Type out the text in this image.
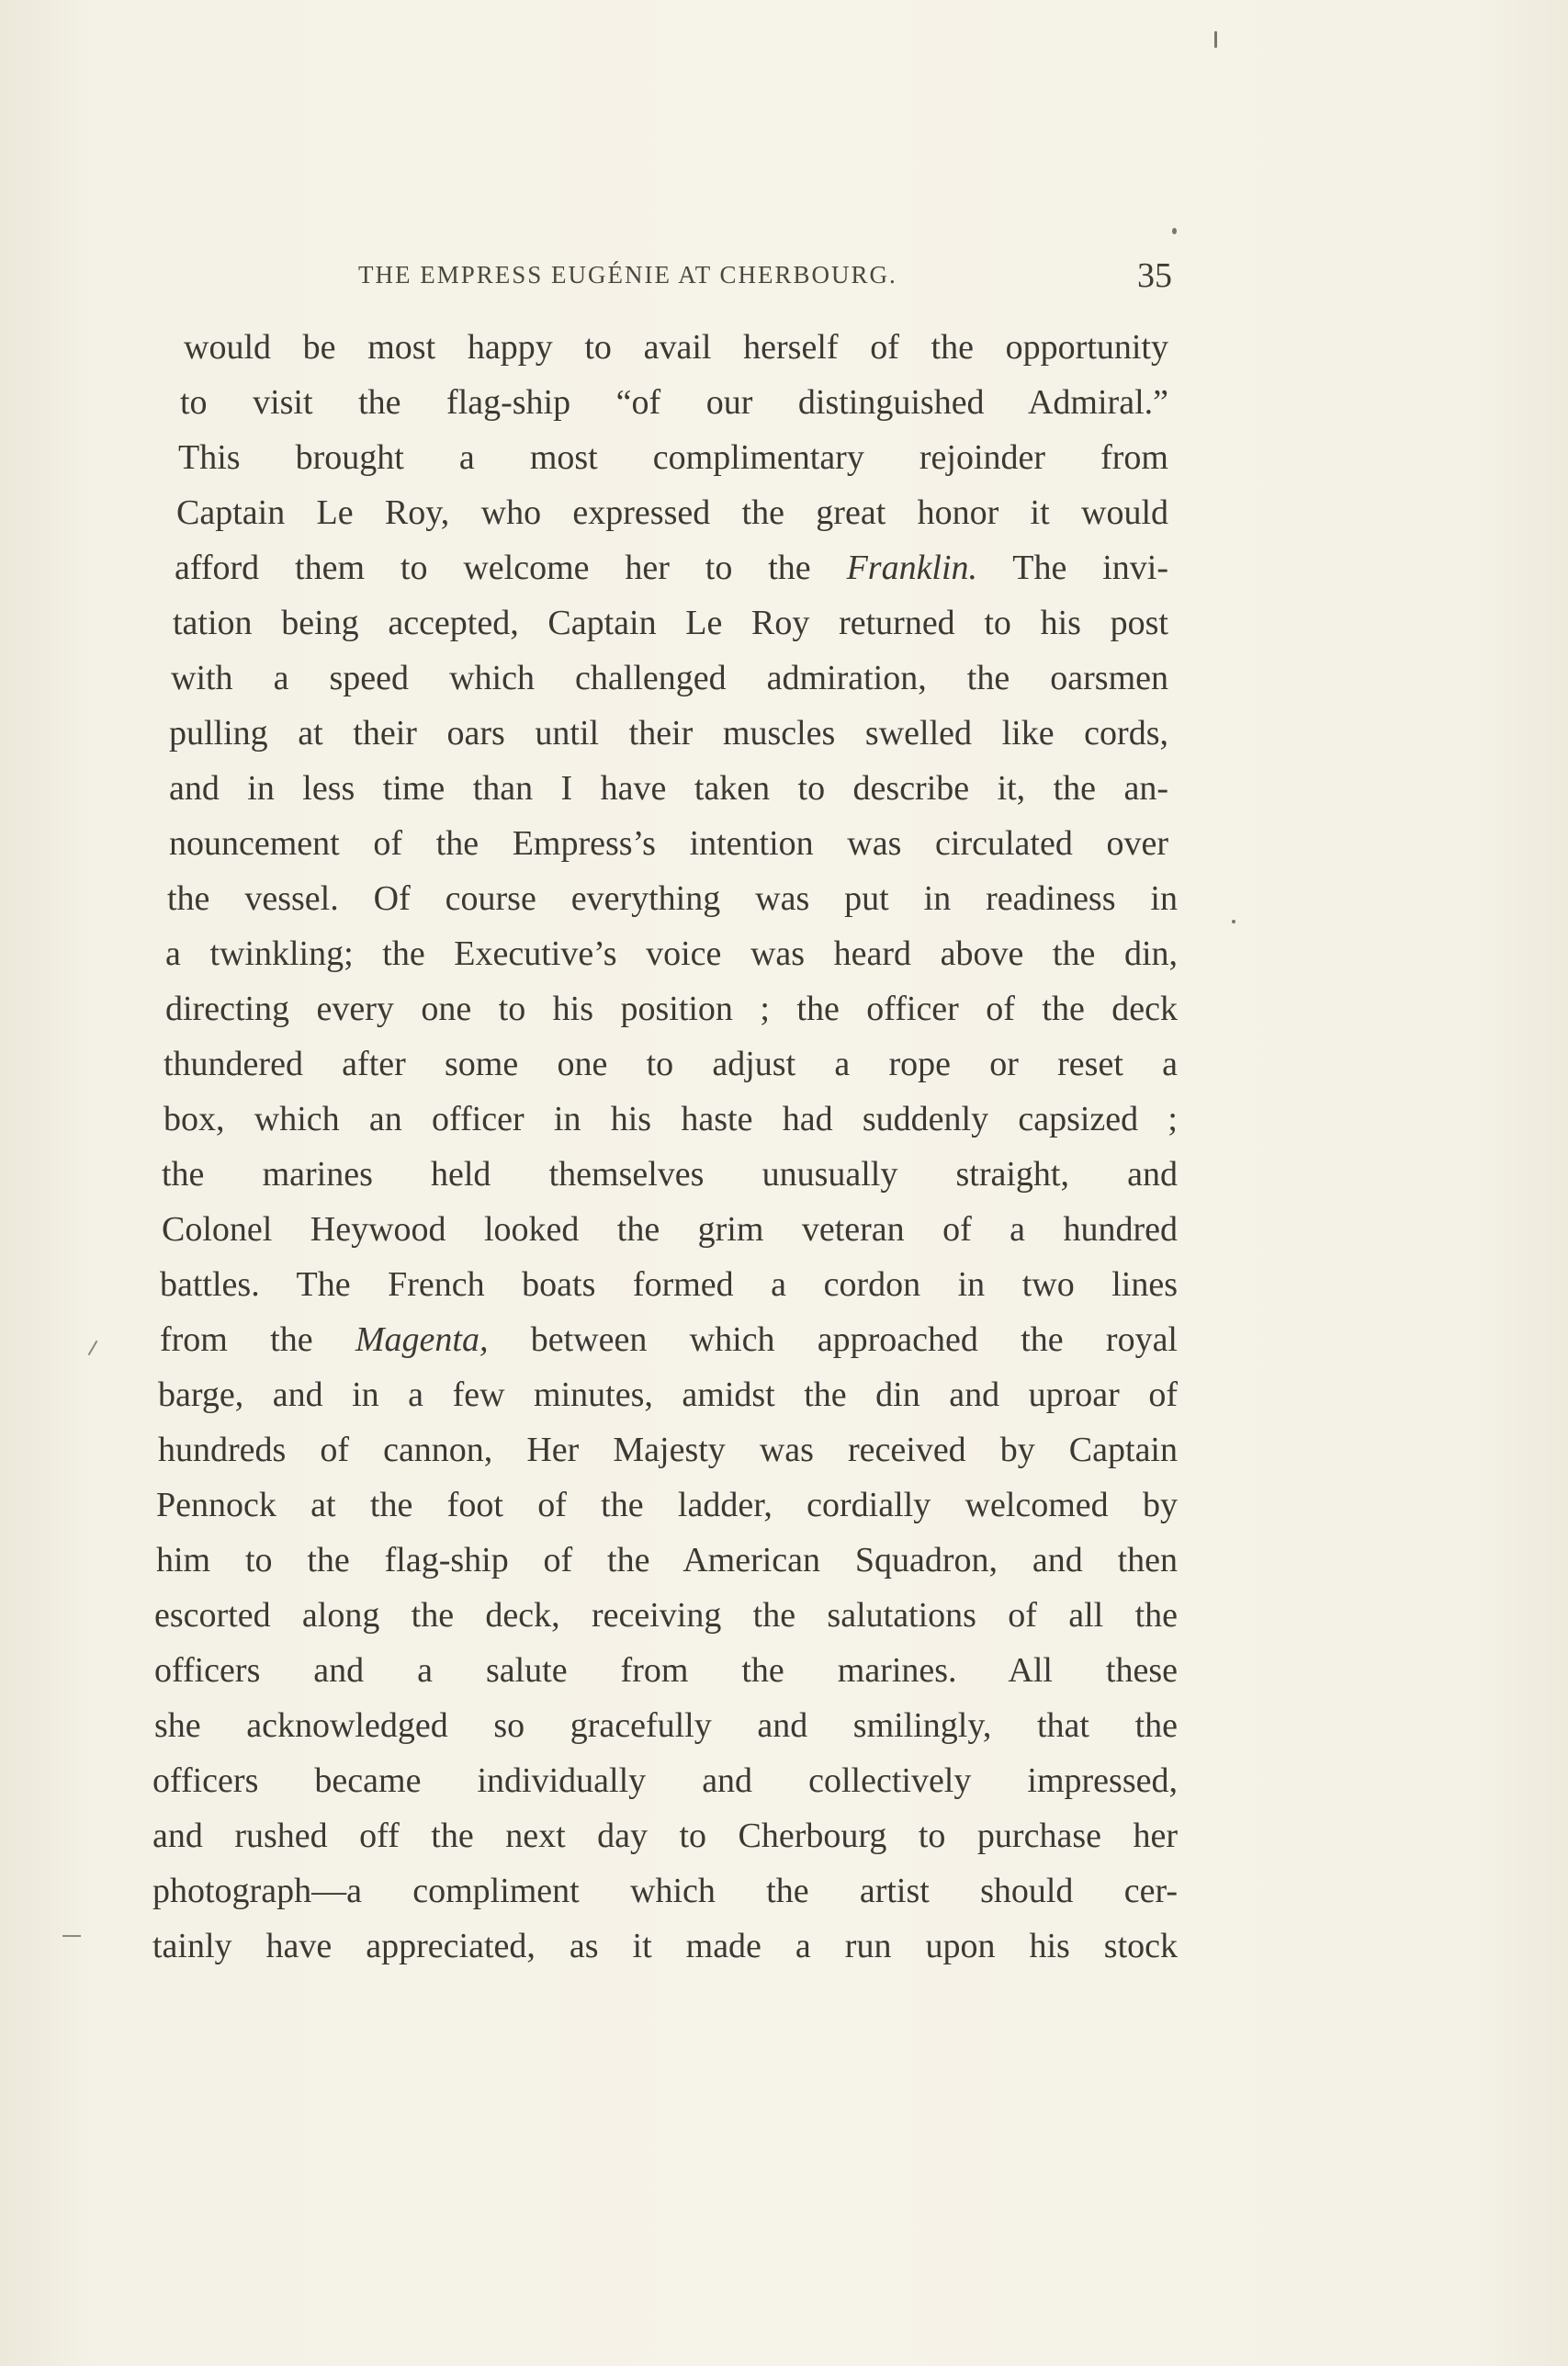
THE EMPRESS EUGÉNIE AT CHERBOURG.	35
would be most happy to avail herself of the opportunity
to visit the flag-ship “of our distinguished Admiral.”
This brought a most complimentary rejoinder from
Captain Le Roy, who expressed the great honor it would
afford them to welcome her to the Franklin. The invi-
tation being accepted, Captain Le Roy returned to his post
with a speed which challenged admiration, the oarsmen
pulling at their oars until their muscles swelled like cords,
and in less time than I have taken to describe it, the an-
nouncement of the Empress’s intention was circulated over
the vessel. Of course everything was put in readiness in
a twinkling; the Executive’s voice was heard above the din,
directing every one to his position ; the officer of the deck
thundered after some one to adjust a rope or reset a
box, which an officer in his haste had suddenly capsized ;
the marines held themselves unusually straight, and
Colonel Heywood looked the grim veteran of a hundred
battles. The French boats formed a cordon in two lines
from the Magenta, between which approached the royal
barge, and in a few minutes, amidst the din and uproar of
hundreds of cannon, Her Majesty was received by Captain
Pennock at the foot of the ladder, cordially welcomed by
him to the flag-ship of the American Squadron, and then
escorted along the deck, receiving the salutations of all the
officers and a salute from the marines. All these
she acknowledged so gracefully and smilingly, that the
officers became individually and collectively impressed,
and rushed off the next day to Cherbourg to purchase her
photograph—a compliment which the artist should cer-
tainly have appreciated, as it made a run upon his stock
